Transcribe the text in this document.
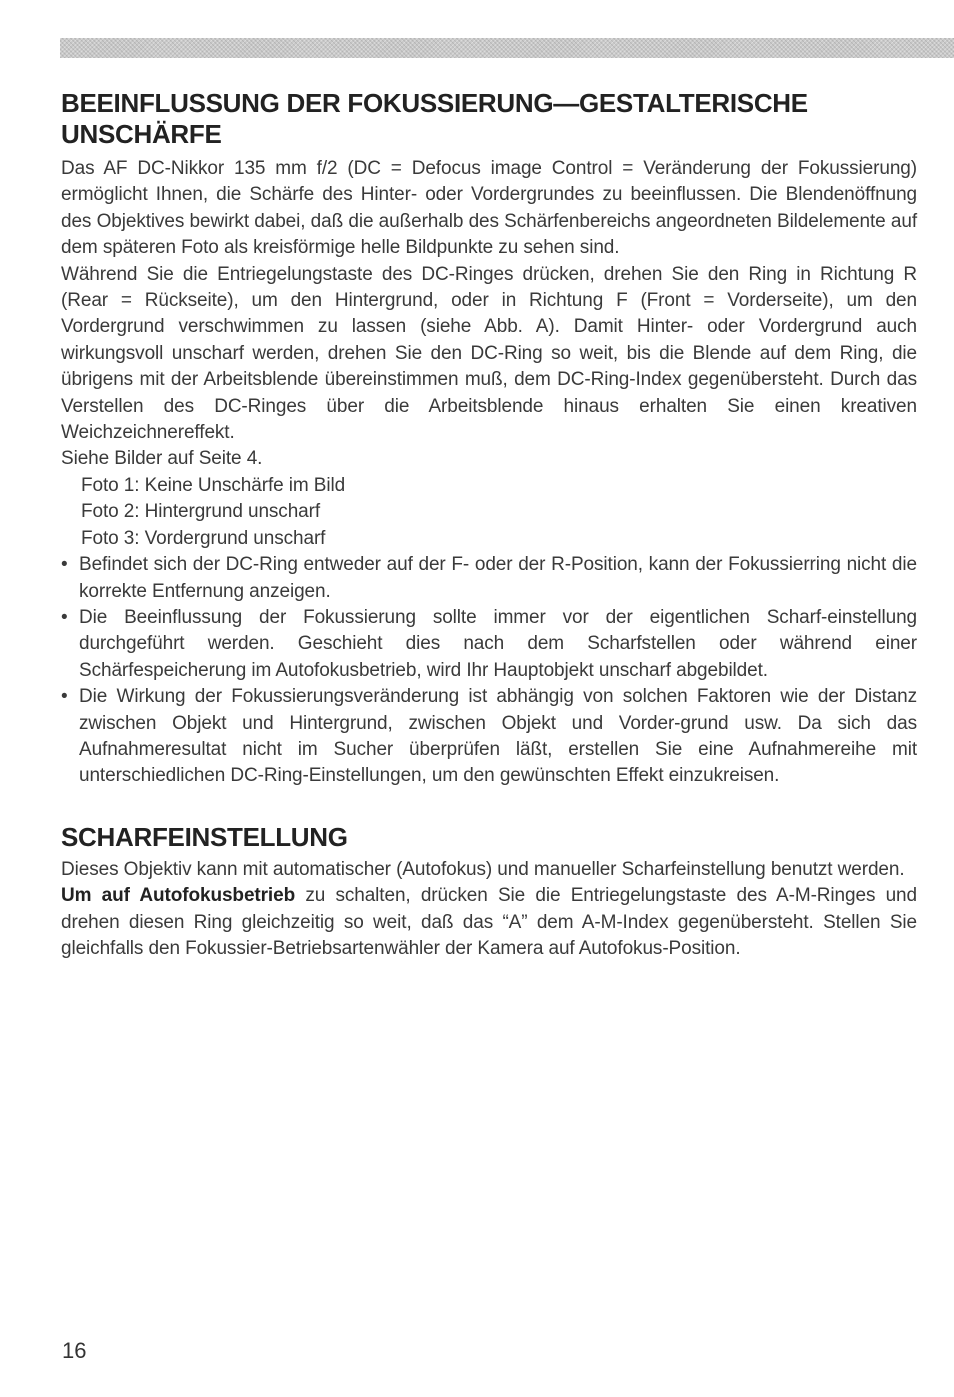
BEEINFLUSSUNG DER FOKUSSIERUNG—GESTALTERISCHE UNSCHÄRFE

Das AF DC-Nikkor 135 mm f/2 (DC = Defocus image Control = Veränderung der Fokussierung) ermöglicht Ihnen, die Schärfe des Hinter- oder Vordergrundes zu beeinflussen. Die Blendenöffnung des Objektives bewirkt dabei, daß die außerhalb des Schärfenbereichs angeordneten Bildelemente auf dem späteren Foto als kreisförmige helle Bildpunkte zu sehen sind.

Während Sie die Entriegelungstaste des DC-Ringes drücken, drehen Sie den Ring in Richtung R (Rear = Rückseite), um den Hintergrund, oder in Richtung F (Front = Vorderseite), um den Vordergrund verschwimmen zu lassen (siehe Abb. A). Damit Hinter- oder Vordergrund auch wirkungsvoll unscharf werden, drehen Sie den DC-Ring so weit, bis die Blende auf dem Ring, die übrigens mit der Arbeitsblende übereinstimmen muß, dem DC-Ring-Index gegenübersteht. Durch das Verstellen des DC-Ringes über die Arbeitsblende hinaus erhalten Sie einen kreativen Weichzeichnereffekt.

Siehe Bilder auf Seite 4.

Foto 1: Keine Unschärfe im Bild

Foto 2: Hintergrund unscharf

Foto 3: Vordergrund unscharf

• Befindet sich der DC-Ring entweder auf der F- oder der R-Position, kann der Fokussierring nicht die korrekte Entfernung anzeigen.
• Die Beeinflussung der Fokussierung sollte immer vor der eigentlichen Scharf-einstellung durchgeführt werden. Geschieht dies nach dem Scharfstellen oder während einer Schärfespeicherung im Autofokusbetrieb, wird Ihr Hauptobjekt unscharf abgebildet.
• Die Wirkung der Fokussierungsveränderung ist abhängig von solchen Faktoren wie der Distanz zwischen Objekt und Hintergrund, zwischen Objekt und Vorder-grund usw. Da sich das Aufnahmeresultat nicht im Sucher überprüfen läßt, erstellen Sie eine Aufnahmereihe mit unterschiedlichen DC-Ring-Einstellungen, um den gewünschten Effekt einzukreisen.
SCHARFEINSTELLUNG

Dieses Objektiv kann mit automatischer (Autofokus) und manueller Scharfeinstellung benutzt werden.

Um auf Autofokusbetrieb zu schalten, drücken Sie die Entriegelungstaste des A-M-Ringes und drehen diesen Ring gleichzeitig so weit, daß das “A” dem A-M-Index gegenübersteht. Stellen Sie gleichfalls den Fokussier-Betriebsartenwähler der Kamera auf Autofokus-Position.

16
